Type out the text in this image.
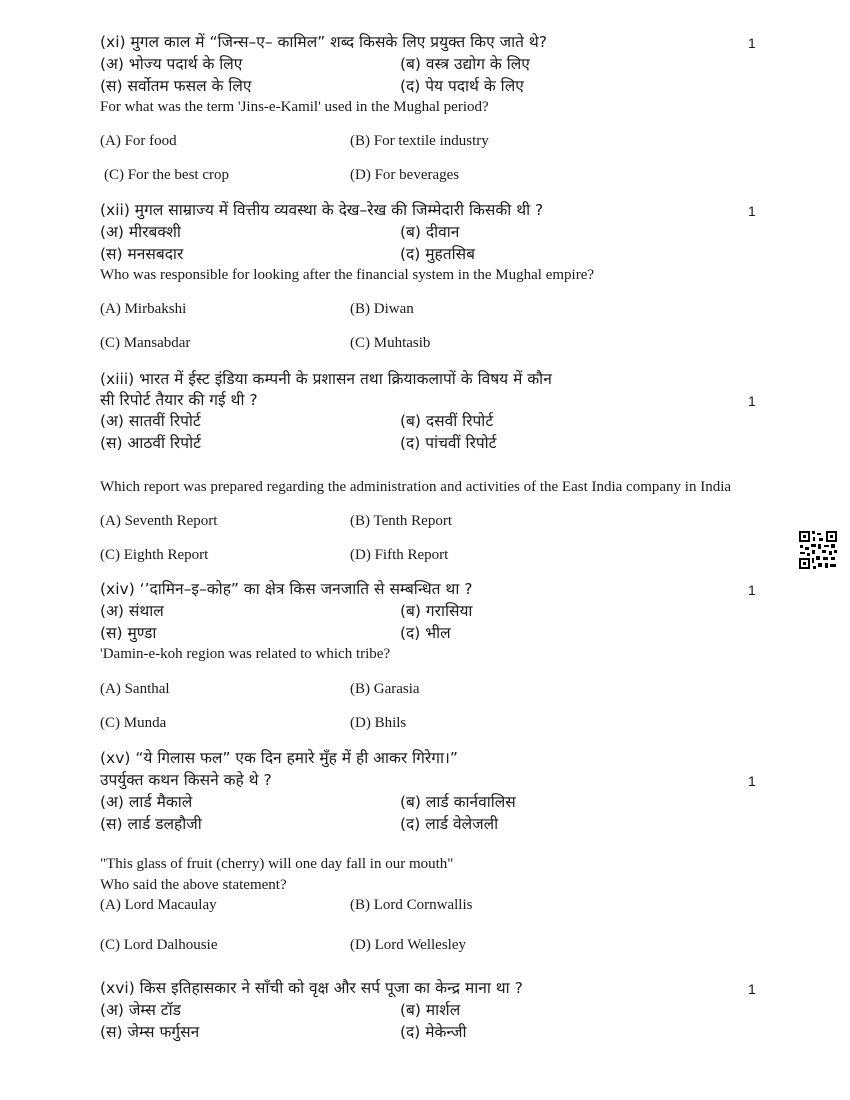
(xi) मुगल काल में “जिन्स–ए– कामिल” शब्द किसके लिए प्रयुक्त किए जाते थे?	1
(अ) भोज्य पदार्थ के लिए	(ब) वस्त्र उद्योग के लिए
(स) सर्वोतम फसल के लिए	(द) पेय पदार्थ के लिए
For what was the term 'Jins-e-Kamil' used in the Mughal period?
(A) For food	(B) For textile industry
(C) For the best crop	(D) For beverages
(xii) मुगल साम्राज्य में वित्तीय व्यवस्था के देख–रेख की जिम्मेदारी किसकी थी ?	1
(अ) मीरबक्शी	(ब) दीवान
(स) मनसबदार	(द) मुहतसिब
Who was responsible for looking after the financial system in the Mughal empire?
(A) Mirbakshi	(B) Diwan
(C) Mansabdar	(C) Muhtasib
(xiii) भारत में ईस्ट इंडिया कम्पनी के प्रशासन तथा क्रियाकलापों के विषय में कौन
सी रिपोर्ट तैयार की गई थी ?	1
(अ) सातवीं रिपोर्ट	(ब) दसवीं रिपोर्ट
(स) आठवीं रिपोर्ट	(द) पांचवीं रिपोर्ट
Which report was prepared regarding the administration and activities of the East India company in India
(A) Seventh Report	(B) Tenth Report
(C) Eighth Report	(D) Fifth Report
(xiv) ‘’दामिन–इ–कोह” का क्षेत्र किस जनजाति से सम्बन्धित था ?	1
(अ) संथाल	(ब) गरासिया
(स) मुण्डा	(द) भील
'Damin-e-koh region was related to which tribe?
(A) Santhal	(B) Garasia
(C) Munda	(D) Bhils
(xv) “ये गिलास फल” एक दिन हमारे मुँह में ही आकर गिरेगा।”
उपर्युक्त कथन किसने कहे थे ?	1
(अ) लार्ड मैकाले	(ब) लार्ड कार्नवालिस
(स) लार्ड डलहौजी	(द) लार्ड वेलेजली
"This glass of fruit (cherry) will one day fall in our mouth"
Who said the above statement?
(A) Lord Macaulay	(B) Lord Cornwallis
(C) Lord Dalhousie	(D) Lord Wellesley
(xvi) किस इतिहासकार ने साँची को वृक्ष और सर्प पूजा का केन्द्र माना था ?	1
(अ) जेम्स टॉड	(ब) मार्शल
(स) जेम्स फर्गुसन	(द) मेकेन्जी
